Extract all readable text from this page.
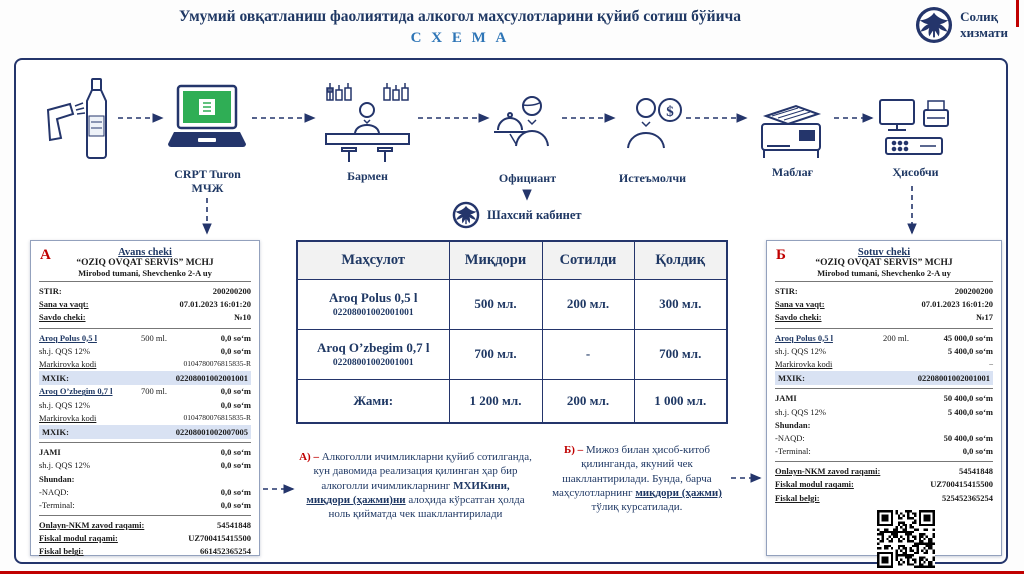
Умумий овқатланиш фаолиятида алкогол маҳсулотларини қуйиб сотиш бўйича
С Х Е М А
Солиқ
хизмати
$
CRPT Turon
МЧЖ
Бармен	Официант	Истеъмолчи	Маблағ	Ҳисобчи
Шахсий кабинет
Маҳсулот	Миқдори	Сотилди	Қолдиқ

Aroq Polus 0,5 l
02208001002001001	500 мл.	200 мл.	300 мл.

Aroq O’zbegim 0,7 l
02208001002001001	700 мл.	-	700 мл.
Жами:	1 200 мл.	200 мл.	1 000 мл.
А	Avans cheki
“OZIQ OVQAT SERVIS” MCHJ
Mirobod tumani, Shevchenko 2-A uy
STIR:	200200200
Sana va vaqt:	07.01.2023 16:01:20
Savdo cheki:	№10
Aroq Polus 0,5 l	500 ml.	0,0 so‘m
sh.j. QQS 12%	0,0 so‘m
Markirovka kodi	0104780076815835-R
MXIK:	02208001002001001
Aroq O’zbegim 0,7 l	700 ml.	0,0 so‘m
sh.j. QQS 12%	0,0 so‘m
Markirovka kodi	0104780076815835-R
MXIK:	02208001002007005
JAMI	0,0 so‘m
sh.j. QQS 12%	0,0 so‘m
Shundan:
-NAQD:	0,0 so‘m
-Terminal:	0,0 so‘m
Onlayn-NKM zavod raqami:	54541848
Fiskal modul raqami:	UZ700415415500
Fiskal belgi:	661452365254
Б	Sotuv cheki
“OZIQ OVQAT SERVIS” MCHJ
Mirobod tumani, Shevchenko 2-A uy
STIR:	200200200
Sana va vaqt:	07.01.2023 16:01:20
Savdo cheki:	№17
Aroq Polus 0,5 l	200 ml.	45 000,0 so‘m
sh.j. QQS 12%	5 400,0 so‘m
Markirovka kodi	–
MXIK:	02208001002001001
JAMI	50 400,0 so‘m
sh.j. QQS 12%	5 400,0 so‘m
Shundan:
-NAQD:	50 400,0 so‘m
-Terminal:	0,0 so‘m
Onlayn-NKM zavod raqami:	54541848
Fiskal modul raqami:	UZ700415415500
Fiskal belgi:	525452365254
А) – Алкоголли ичимликларни қуйиб сотилганда, кун давомида реализация қилинган ҳар бир алкоголли ичимликларнинг МХИКини, миқдори (ҳажми)ни алоҳида кўрсатган ҳолда ноль қийматда чек шакллантирилади
Б) – Мижоз билан ҳисоб-китоб қилинганда, якуний чек шакллантирилади. Бунда, барча маҳсулотларнинг миқдори (ҳажми) тўлиқ курсатилади.
